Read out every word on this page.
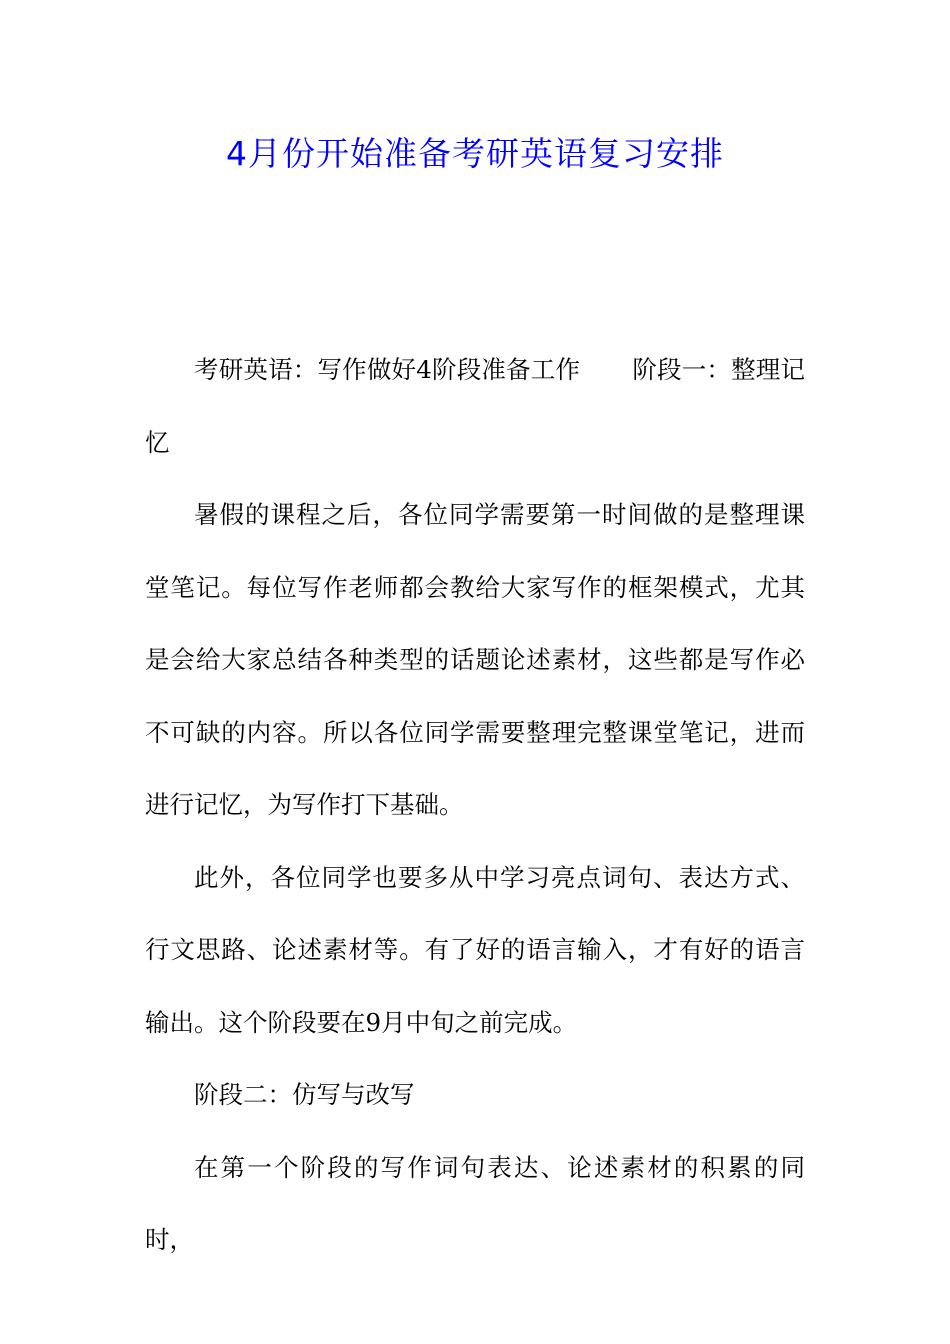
4月份开始准备考研英语复习安排

考研英语：写作做好4阶段准备工作 阶段一：整理记忆

暑假的课程之后，各位同学需要第一时间做的是整理课堂笔记。每位写作老师都会教给大家写作的框架模式，尤其是会给大家总结各种类型的话题论述素材，这些都是写作必不可缺的内容。所以各位同学需要整理完整课堂笔记，进而进行记忆，为写作打下基础。

此外，各位同学也要多从中学习亮点词句、表达方式、行文思路、论述素材等。有了好的语言输入，才有好的语言输出。这个阶段要在9月中旬之前完成。

阶段二：仿写与改写

在第一个阶段的写作词句表达、论述素材的积累的同时，
